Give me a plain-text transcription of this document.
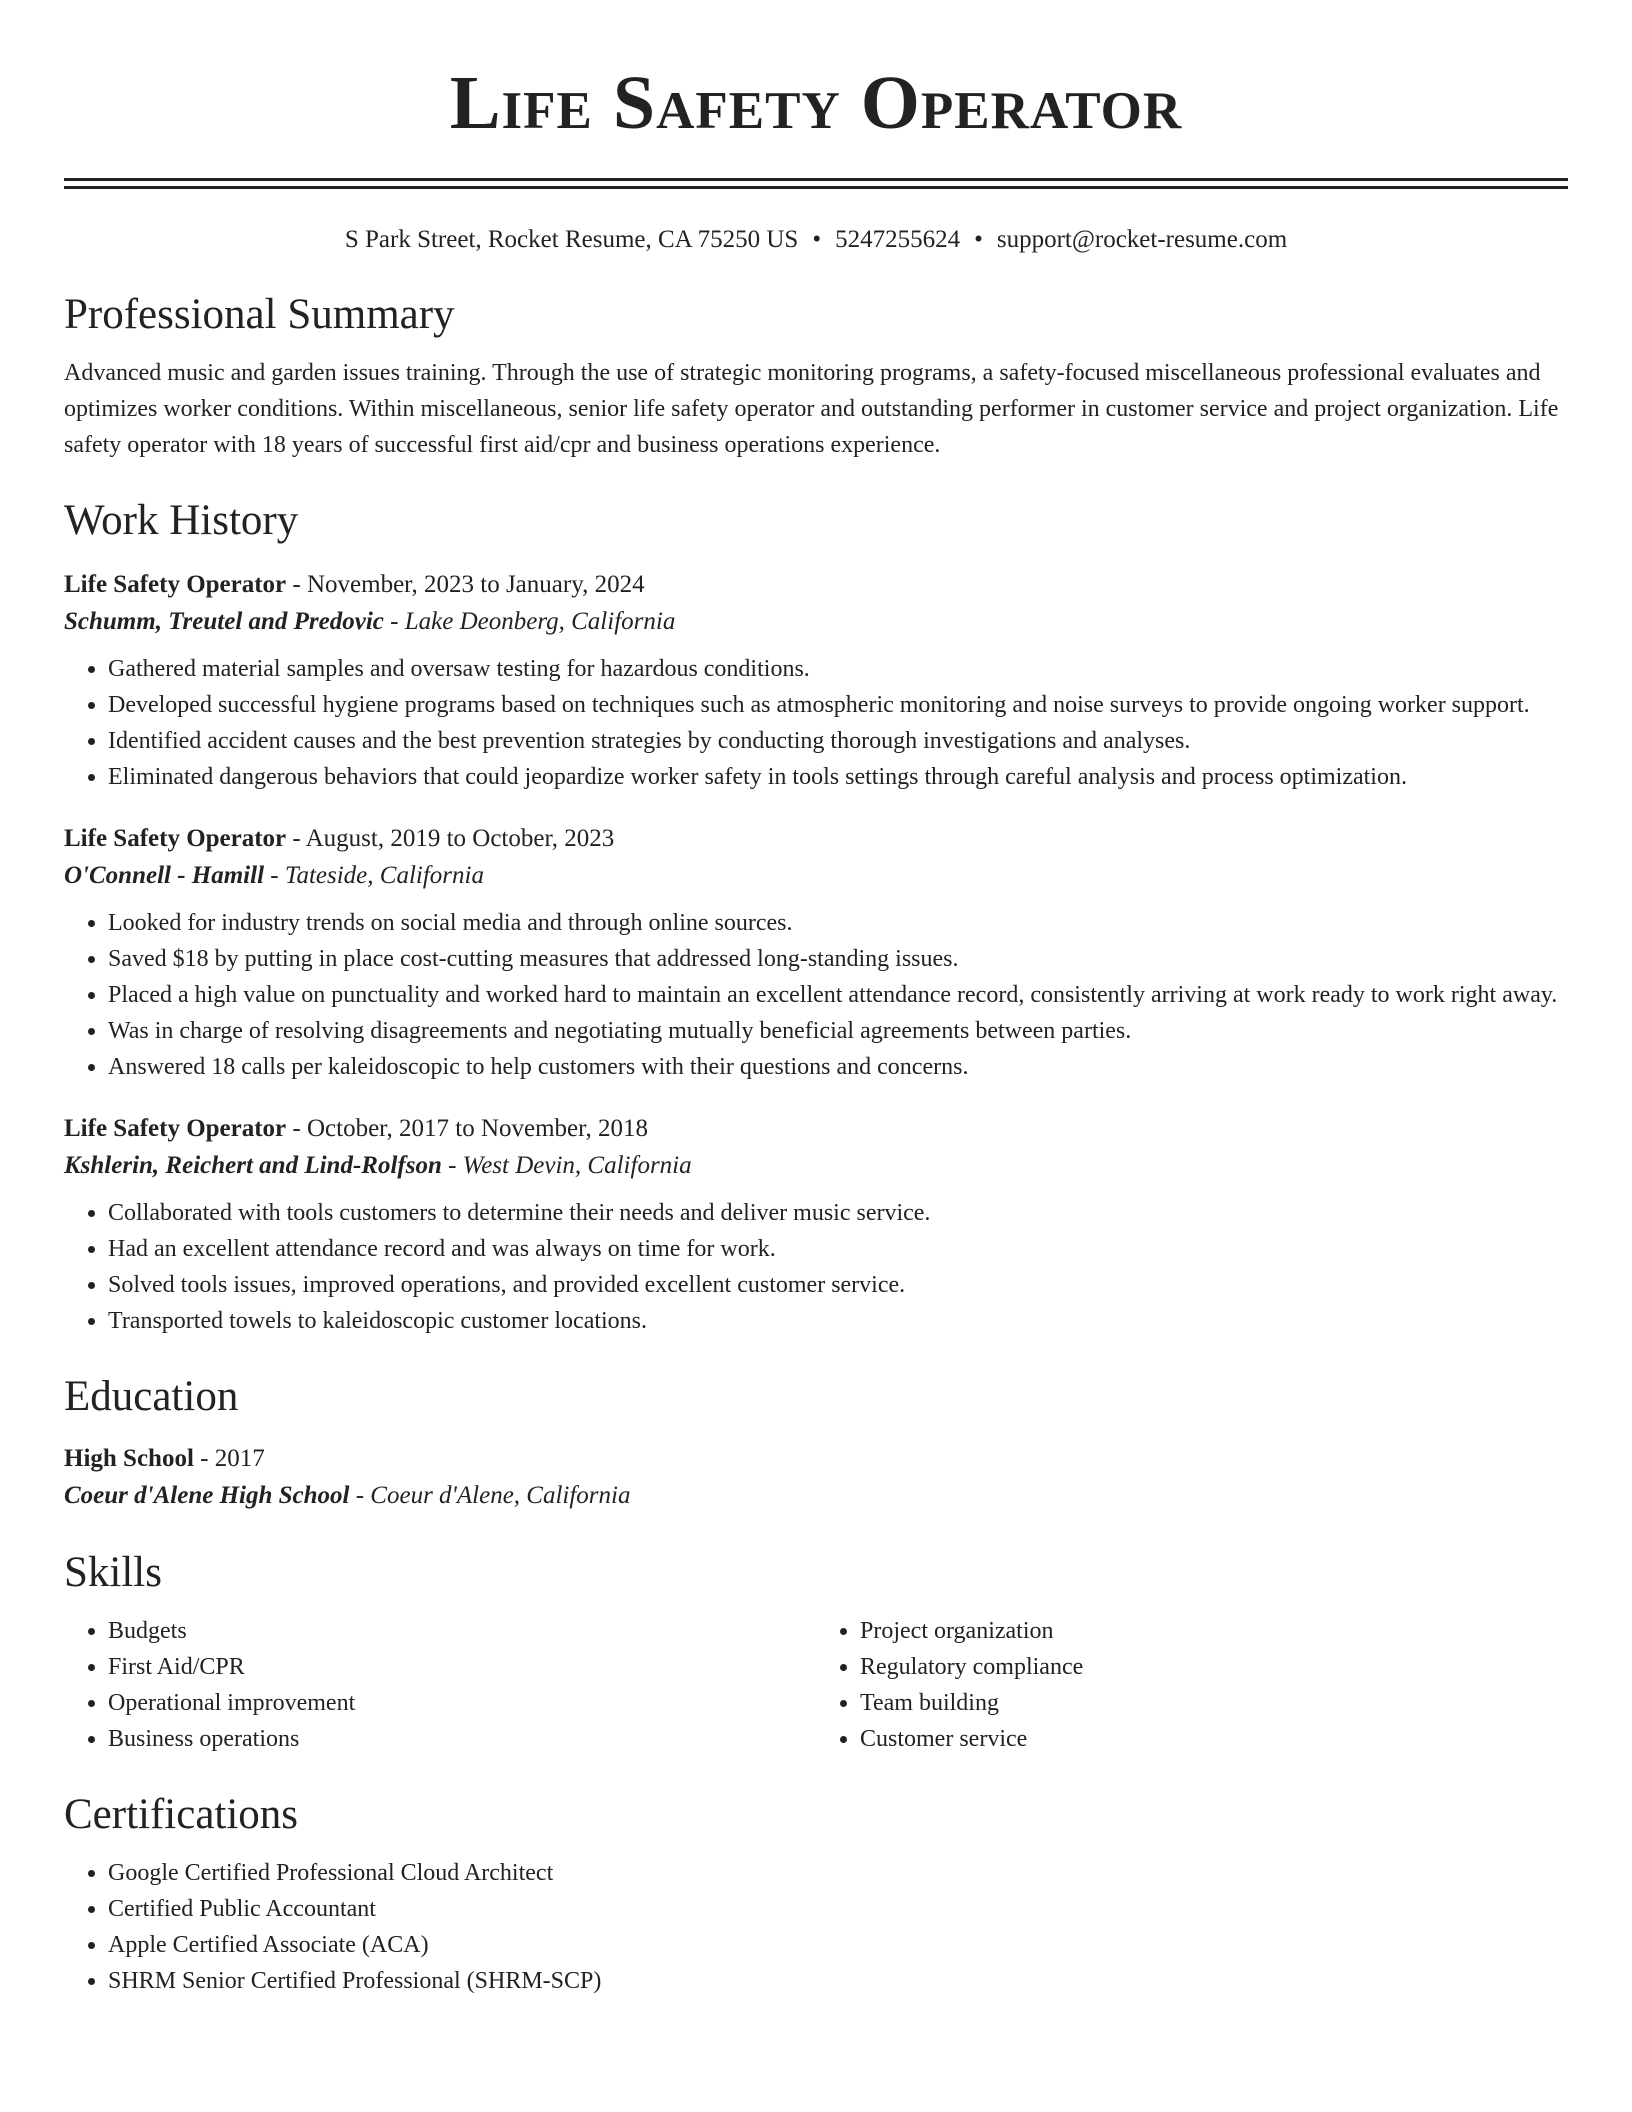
Life Safety Operator
S Park Street, Rocket Resume, CA 75250 US • 5247255624 • support@rocket-resume.com
Professional Summary

Advanced music and garden issues training. Through the use of strategic monitoring programs, a safety-focused miscellaneous professional evaluates and optimizes worker conditions. Within miscellaneous, senior life safety operator and outstanding performer in customer service and project organization. Life safety operator with 18 years of successful first aid/cpr and business operations experience.

Work History
Life Safety Operator - November, 2023 to January, 2024
Schumm, Treutel and Predovic - Lake Deonberg, California
• Gathered material samples and oversaw testing for hazardous conditions.
• Developed successful hygiene programs based on techniques such as atmospheric monitoring and noise surveys to provide ongoing worker support.
• Identified accident causes and the best prevention strategies by conducting thorough investigations and analyses.
• Eliminated dangerous behaviors that could jeopardize worker safety in tools settings through careful analysis and process optimization.
Life Safety Operator - August, 2019 to October, 2023
O'Connell - Hamill - Tateside, California
• Looked for industry trends on social media and through online sources.
• Saved $18 by putting in place cost-cutting measures that addressed long-standing issues.
• Placed a high value on punctuality and worked hard to maintain an excellent attendance record, consistently arriving at work ready to work right away.
• Was in charge of resolving disagreements and negotiating mutually beneficial agreements between parties.
• Answered 18 calls per kaleidoscopic to help customers with their questions and concerns.
Life Safety Operator - October, 2017 to November, 2018
Kshlerin, Reichert and Lind-Rolfson - West Devin, California
• Collaborated with tools customers to determine their needs and deliver music service.
• Had an excellent attendance record and was always on time for work.
• Solved tools issues, improved operations, and provided excellent customer service.
• Transported towels to kaleidoscopic customer locations.
Education
High School - 2017
Coeur d'Alene High School - Coeur d'Alene, California
Skills
• Budgets
• First Aid/CPR
• Operational improvement
• Business operations
• Project organization
• Regulatory compliance
• Team building
• Customer service
Certifications
• Google Certified Professional Cloud Architect
• Certified Public Accountant
• Apple Certified Associate (ACA)
• SHRM Senior Certified Professional (SHRM-SCP)
